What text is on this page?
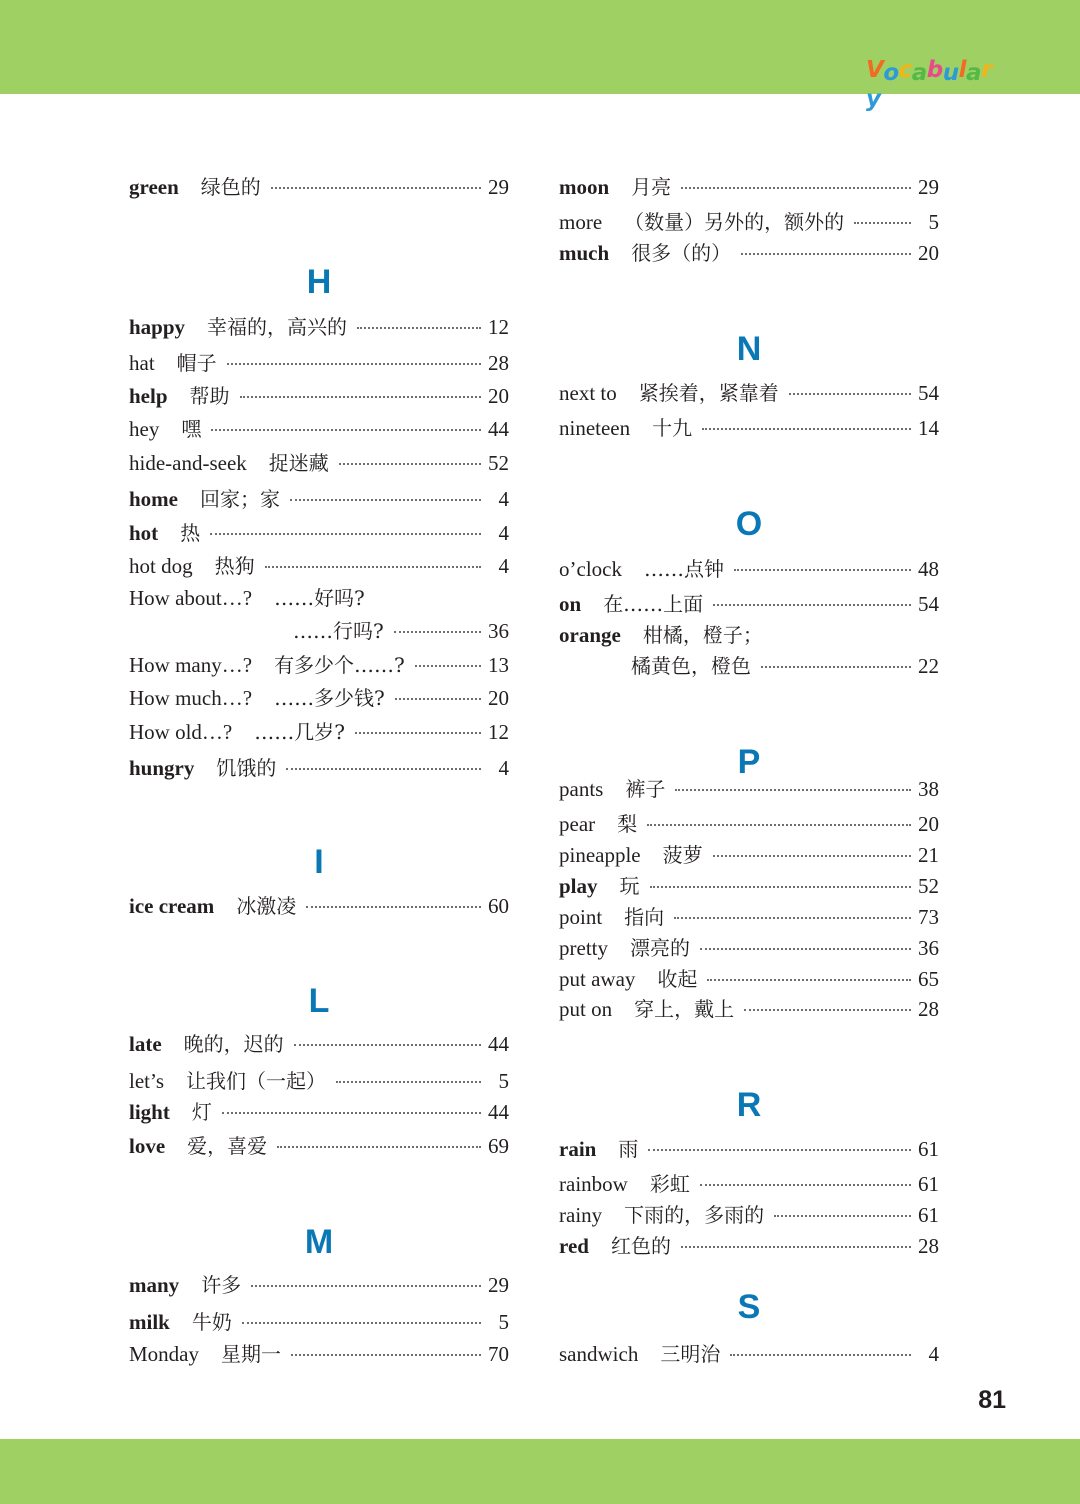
Vocabulary
green 绿色的	29
H
happy 幸福的，高兴的	12
hat 帽子	28
help 帮助	20
hey 嘿	44
hide-and-seek 捉迷藏	52
home 回家；家	4
hot 热	4
hot dog 热狗	4
How about…? ……好吗?
……行吗?	36
How many…? 有多少个……?	13
How much…? ……多少钱?	20
How old…? ……几岁?	12
hungry 饥饿的	4
I
ice cream 冰激凌	60
L
late 晚的，迟的	44
let’s 让我们（一起）	5
light 灯	44
love 爱，喜爱	69
M
many 许多	29
milk 牛奶	5
Monday 星期一	70
moon 月亮	29
more （数量）另外的，额外的	5
much 很多（的）	20
N
next to 紧挨着，紧靠着	54
nineteen 十九	14
O
o’clock ……点钟	48
on 在……上面	54
orange 柑橘，橙子；
橘黄色，橙色	22
P
pants 裤子	38
pear 梨	20
pineapple 菠萝	21
play 玩	52
point 指向	73
pretty 漂亮的	36
put away 收起	65
put on 穿上，戴上	28
R
rain 雨	61
rainbow 彩虹	61
rainy 下雨的，多雨的	61
red 红色的	28
S
sandwich 三明治	4
81
